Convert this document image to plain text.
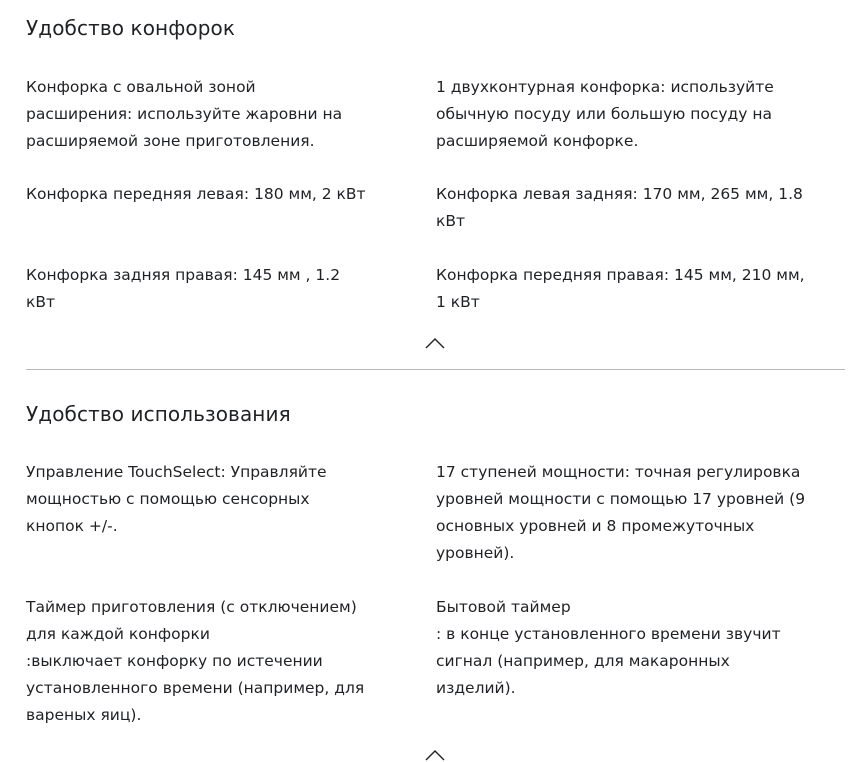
Удобство конфорок
Конфорка с овальной зоной
расширения: используйте жаровни на
расширяемой зоне приготовления.
1 двухконтурная конфорка: используйте
обычную посуду или большую посуду на
расширяемой конфорке.
Конфорка передняя левая: 180 мм, 2 кВт	Конфорка левая задняя: 170 мм, 265 мм, 1.8
кВт
Конфорка задняя правая: 145 мм , 1.2
кВт
Конфорка передняя правая: 145 мм, 210 мм,
1 кВт
Удобство использования
Управление TouchSelect: Управляйте
мощностью с помощью сенсорных
кнопок +/-.
17 ступеней мощности: точная регулировка
уровней мощности с помощью 17 уровней (9
основных уровней и 8 промежуточных
уровней).
Таймер приготовления (с отключением)
для каждой конфорки
:выключает конфорку по истечении
установленного времени (например, для
вареных яиц).
Бытовой таймер
: в конце установленного времени звучит
сигнал (например, для макаронных
изделий).
